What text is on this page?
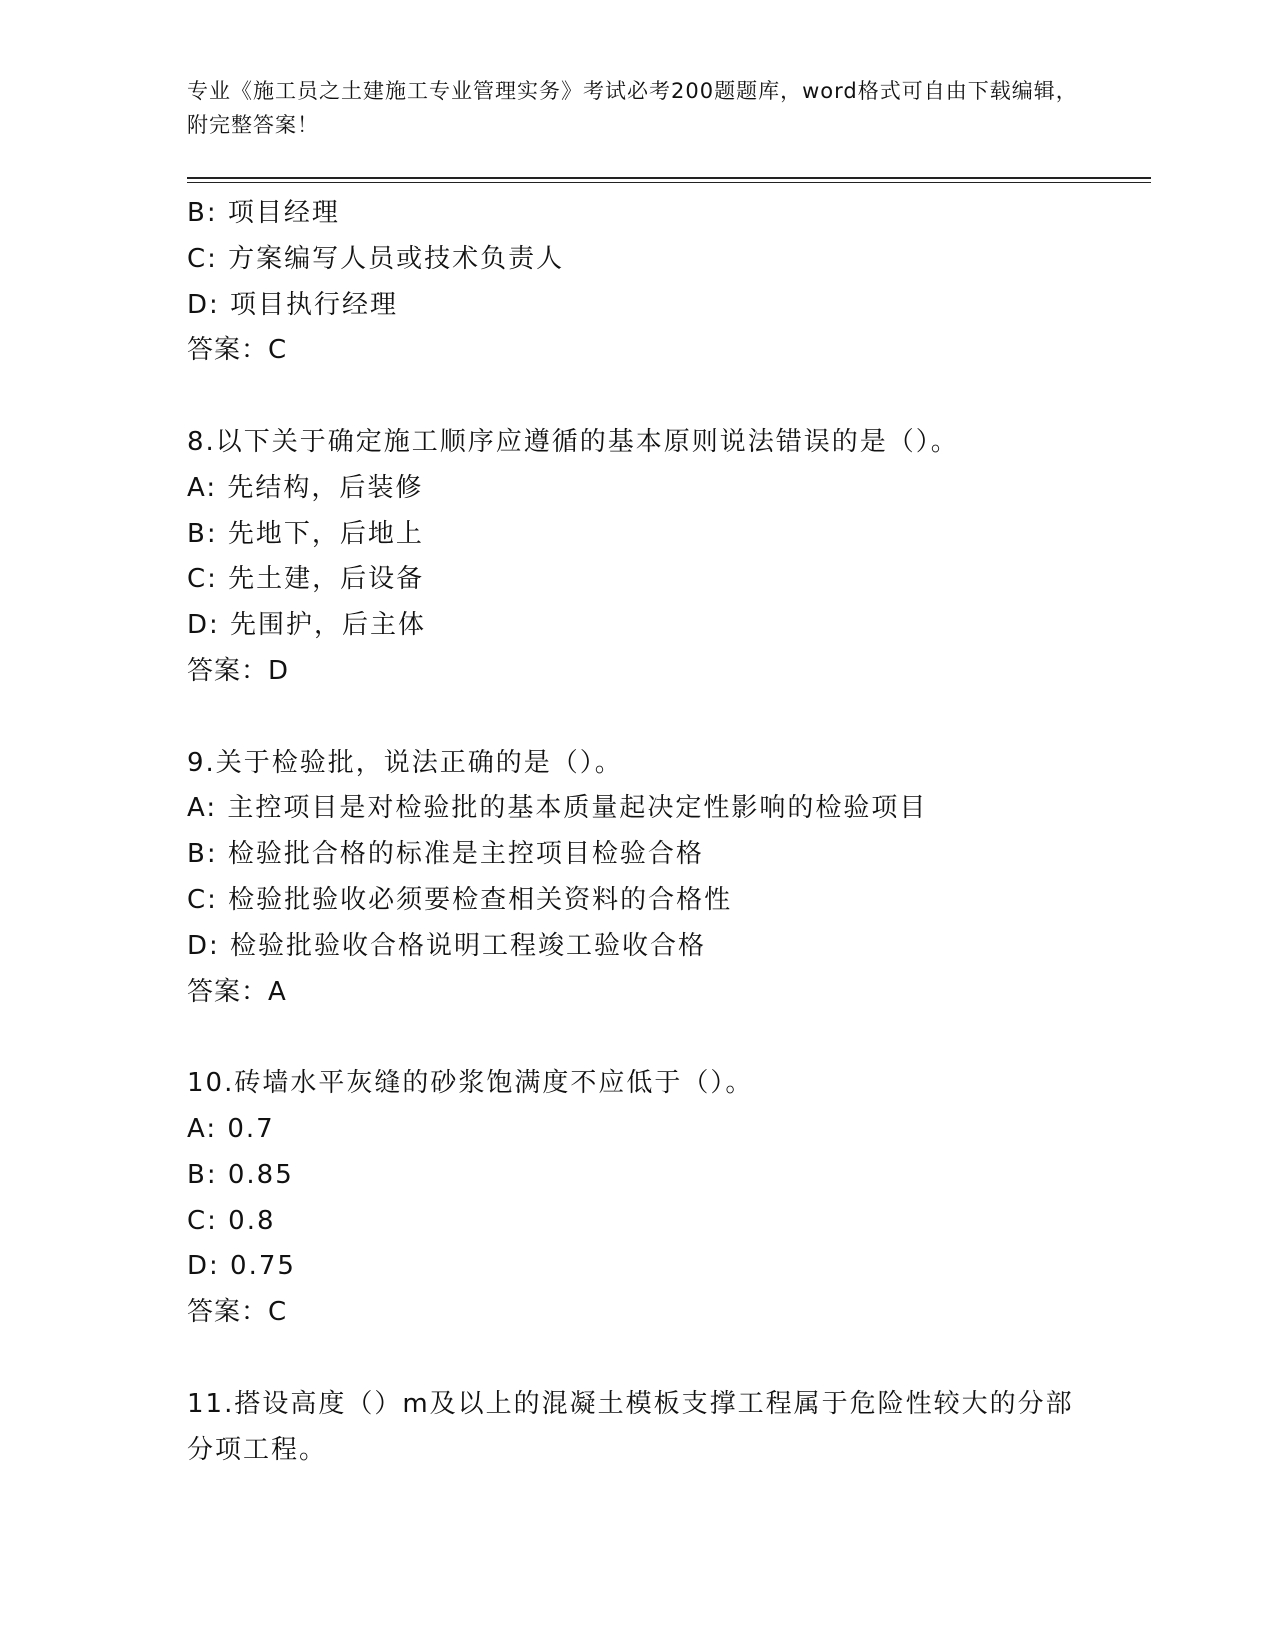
专业《施工员之土建施工专业管理实务》考试必考200题题库，word格式可自由下载编辑，附完整答案！
B: 项目经理
C: 方案编写人员或技术负责人
D: 项目执行经理
答案：C
8.以下关于确定施工顺序应遵循的基本原则说法错误的是（）。
A: 先结构，后装修
B: 先地下，后地上
C: 先土建，后设备
D: 先围护，后主体
答案：D
9.关于检验批，说法正确的是（）。
A: 主控项目是对检验批的基本质量起决定性影响的检验项目
B: 检验批合格的标准是主控项目检验合格
C: 检验批验收必须要检查相关资料的合格性
D: 检验批验收合格说明工程竣工验收合格
答案：A
10.砖墙水平灰缝的砂浆饱满度不应低于（）。
A: 0.7
B: 0.85
C: 0.8
D: 0.75
答案：C
11.搭设高度（）m及以上的混凝土模板支撑工程属于危险性较大的分部分项工程。
